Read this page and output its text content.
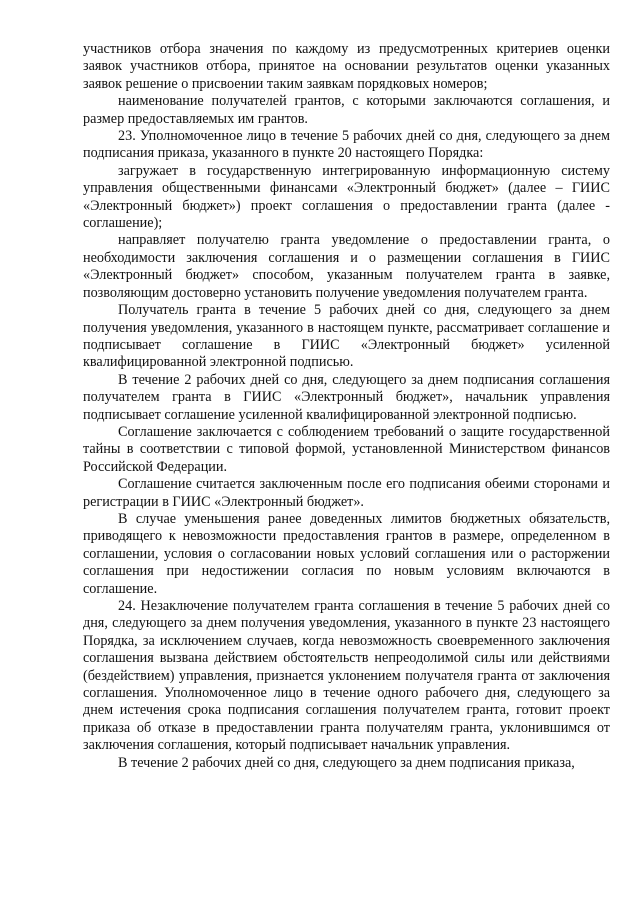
участников отбора значения по каждому из предусмотренных критериев оценки заявок участников отбора, принятое на основании результатов оценки указанных заявок решение о присвоении таким заявкам порядковых номеров;

наименование получателей грантов, с которыми заключаются соглашения, и размер предоставляемых им грантов.

23. Уполномоченное лицо в течение 5 рабочих дней со дня, следующего за днем подписания приказа, указанного в пункте 20 настоящего Порядка:

загружает в государственную интегрированную информационную систему управления общественными финансами «Электронный бюджет» (далее – ГИИС «Электронный бюджет») проект соглашения о предоставлении гранта (далее - соглашение);

направляет получателю гранта уведомление о предоставлении гранта, о необходимости заключения соглашения и о размещении соглашения в ГИИС «Электронный бюджет» способом, указанным получателем гранта в заявке, позволяющим достоверно установить получение уведомления получателем гранта.

Получатель гранта в течение 5 рабочих дней со дня, следующего за днем получения уведомления, указанного в настоящем пункте, рассматривает соглашение и подписывает соглашение в ГИИС «Электронный бюджет» усиленной квалифицированной электронной подписью.

В течение 2 рабочих дней со дня, следующего за днем подписания соглашения получателем гранта в ГИИС «Электронный бюджет», начальник управления подписывает соглашение усиленной квалифицированной электронной подписью.

Соглашение заключается с соблюдением требований о защите государственной тайны в соответствии с типовой формой, установленной Министерством финансов Российской Федерации.

Соглашение считается заключенным после его подписания обеими сторонами и регистрации в ГИИС «Электронный бюджет».

В случае уменьшения ранее доведенных лимитов бюджетных обязательств, приводящего к невозможности предоставления грантов в размере, определенном в соглашении, условия о согласовании новых условий соглашения или о расторжении соглашения при недостижении согласия по новым условиям включаются в соглашение.

24. Незаключение получателем гранта соглашения в течение 5 рабочих дней со дня, следующего за днем получения уведомления, указанного в пункте 23 настоящего Порядка, за исключением случаев, когда невозможность своевременного заключения соглашения вызвана действием обстоятельств непреодолимой силы или действиями (бездействием) управления, признается уклонением получателя гранта от заключения соглашения. Уполномоченное лицо в течение одного рабочего дня, следующего за днем истечения срока подписания соглашения получателем гранта, готовит проект приказа об отказе в предоставлении гранта получателям гранта, уклонившимся от заключения соглашения, который подписывает начальник управления.

В течение 2 рабочих дней со дня, следующего за днем подписания приказа,
